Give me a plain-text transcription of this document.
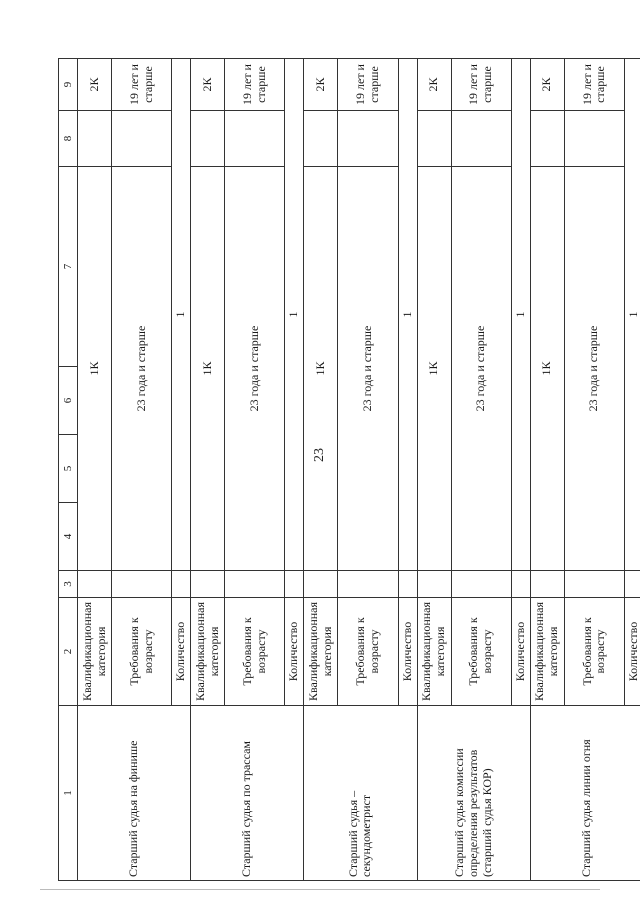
23
1	2	3	4	5	6	7	8	9	
Старший судья на финише	Квалификационная категория		1К					2К	
	Требования к возрасту		23 года и старше					19 лет и старше	
	Количество		1						
Старший судья по трассам	Квалификационная категория		1К					2К	
	Требования к возрасту		23 года и старше					19 лет и старше	
	Количество		1						
Старший судья – секундометрист	Квалификационная категория		1К					2К	
	Требования к возрасту		23 года и старше					19 лет и старше	
	Количество		1						
Старший судья комиссии определения результатов (старший судья КОР)	Квалификационная категория		1К					2К	
	Требования к возрасту		23 года и старше					19 лет и старше	
	Количество		1						
Старший судья линии огня	Квалификационная категория		1К					2К	
	Требования к возрасту		23 года и старше					19 лет и старше	
	Количество		1						
